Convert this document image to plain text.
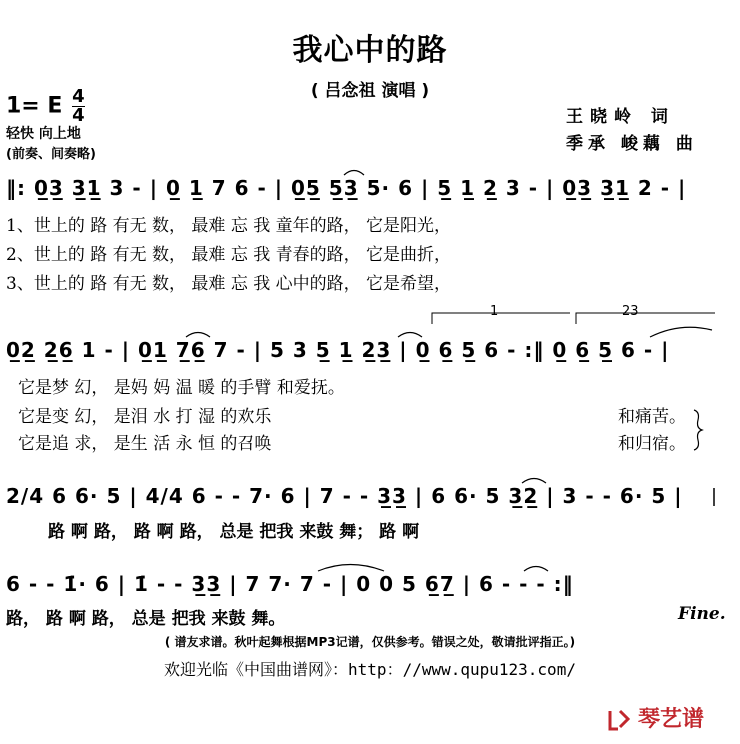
我心中的路
( 吕念祖 演唱 )
1= E $\frac{4}{4}$
轻快 向上地
(前奏、间奏略)
王晓岭 词
季承 峻藕 曲
‖: 0̲3̲ 3̲1̲ 3 - | 0̲ 1̲ 7 6 - | 0̲5̲ 5̲3̲ 5· 6 | 5̲ 1̲ 2̲ 3 - | 0̲3̲ 3̲1̲ 2 - |
1、世上的 路 有无 数， 最难 忘 我 童年的路， 它是阳光，
2、世上的 路 有无 数， 最难 忘 我 青春的路， 它是曲折，
3、世上的 路 有无 数， 最难 忘 我 心中的路， 它是希望，
1	23
0̲2̲ 2̲6̲ 1 - | 0̲1̲ 7̲6̲ 7 - | 5 3 5̲ 1̲ 2̲3̲ | 0̲ 6̲ 5̲ 6 - :‖ 0̲ 6̲ 5̲ 6 - |
它是梦 幻， 是妈 妈 温 暖 的手臂 和爱抚。
它是变 幻， 是泪 水 打 湿 的欢乐	和痛苦。
它是追 求， 是生 活 永 恒 的召唤	和归宿。
2/4 6 6· 5 | 4/4 6 - - 7· 6 | 7 - - 3̲3̲ | 6 6· 5 3̲2̲ | 3 - - 6· 5 |
路 啊 路， 路 啊 路， 总是 把我 来鼓 舞； 路 啊
6 - - 1̇· 6 | 1̇ - - 3̲3̲ | 7 7· 7 - | 0 0 5 6̲7̲ | 6 - - - :‖
路， 路 啊 路， 总是 把我 来鼓 舞。	Fine.
( 谱友求谱。秋叶起舞根据MP3记谱，仅供参考。错误之处，敬请批评指正。)
欢迎光临《中国曲谱网》：http：//www.qupu123.com/
琴艺谱
